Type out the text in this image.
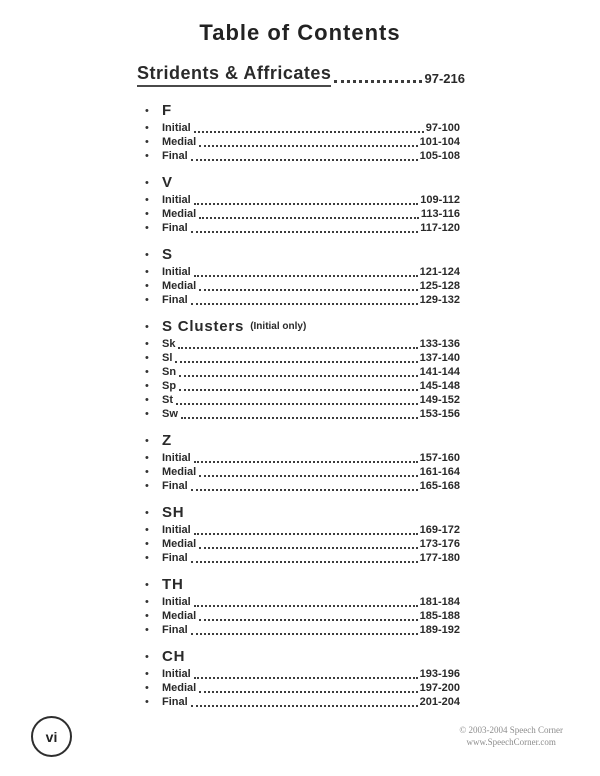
Table of Contents
Stridents & Affricates	97-216
• F
•	Initial	97-100
•	Medial	101-104
•	Final	105-108
• V
•	Initial	109-112
•	Medial	113-116
•	Final	117-120
• S
•	Initial	121-124
•	Medial	125-128
•	Final	129-132
• S Clusters (Initial only)
•	Sk	133-136
•	Sl	137-140
•	Sn	141-144
•	Sp	145-148
•	St	149-152
•	Sw	153-156
• Z
•	Initial	157-160
•	Medial	161-164
•	Final	165-168
• SH
•	Initial	169-172
•	Medial	173-176
•	Final	177-180
• TH
•	Initial	181-184
•	Medial	185-188
•	Final	189-192
• CH
•	Initial	193-196
•	Medial	197-200
•	Final	201-204
vi	© 2003-2004 Speech Corner
www.SpeechCorner.com
